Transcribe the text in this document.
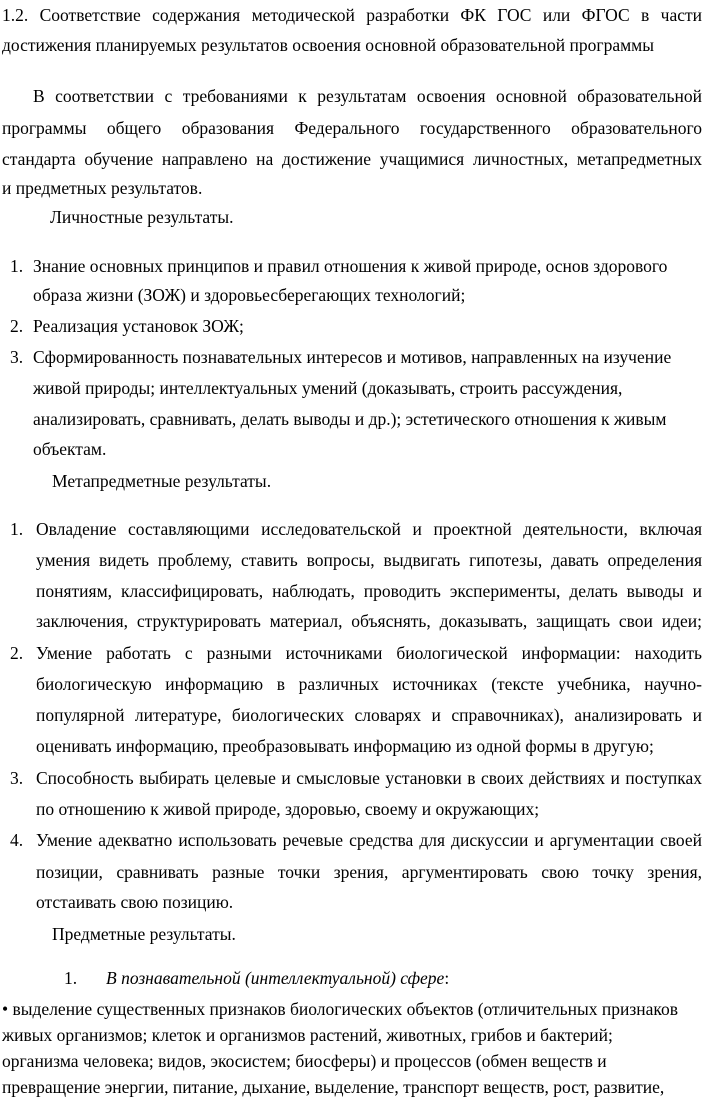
1.2. Соответствие содержания методической разработки ФК ГОС или ФГОС в части
достижения планируемых результатов освоения основной образовательной программы
В соответствии с требованиями к результатам освоения основной образовательной
программы общего образования Федерального государственного образовательного
стандарта обучение направлено на достижение учащимися личностных, метапредметных
и предметных результатов.
Личностные результаты.
1. Знание основных принципов и правил отношения к живой природе, основ здорового
образа жизни (ЗОЖ) и здоровьесберегающих технологий;
2. Реализация установок ЗОЖ;
3. Сформированность познавательных интересов и мотивов, направленных на изучение
живой природы; интеллектуальных умений (доказывать, строить рассуждения,
анализировать, сравнивать, делать выводы и др.); эстетического отношения к живым
объектам.
Метапредметные результаты.
1. Овладение составляющими исследовательской и проектной деятельности, включая
умения видеть проблему, ставить вопросы, выдвигать гипотезы, давать определения
понятиям, классифицировать, наблюдать, проводить эксперименты, делать выводы и
заключения, структурировать материал, объяснять, доказывать, защищать свои идеи;
2. Умение работать с разными источниками биологической информации: находить
биологическую информацию в различных источниках (тексте учебника, научно-
популярной литературе, биологических словарях и справочниках), анализировать и
оценивать информацию, преобразовывать информацию из одной формы в другую;
3. Способность выбирать целевые и смысловые установки в своих действиях и поступках
по отношению к живой природе, здоровью, своему и окружающих;
4. Умение адекватно использовать речевые средства для дискуссии и аргументации своей
позиции, сравнивать разные точки зрения, аргументировать свою точку зрения,
отстаивать свою позицию.
Предметные результаты.
1. В познавательной (интеллектуальной) сфере:
• выделение существенных признаков биологических объектов (отличительных признаков
живых организмов; клеток и организмов растений, животных, грибов и бактерий;
организма человека; видов, экосистем; биосферы) и процессов (обмен веществ и
превращение энергии, питание, дыхание, выделение, транспорт веществ, рост, развитие,
